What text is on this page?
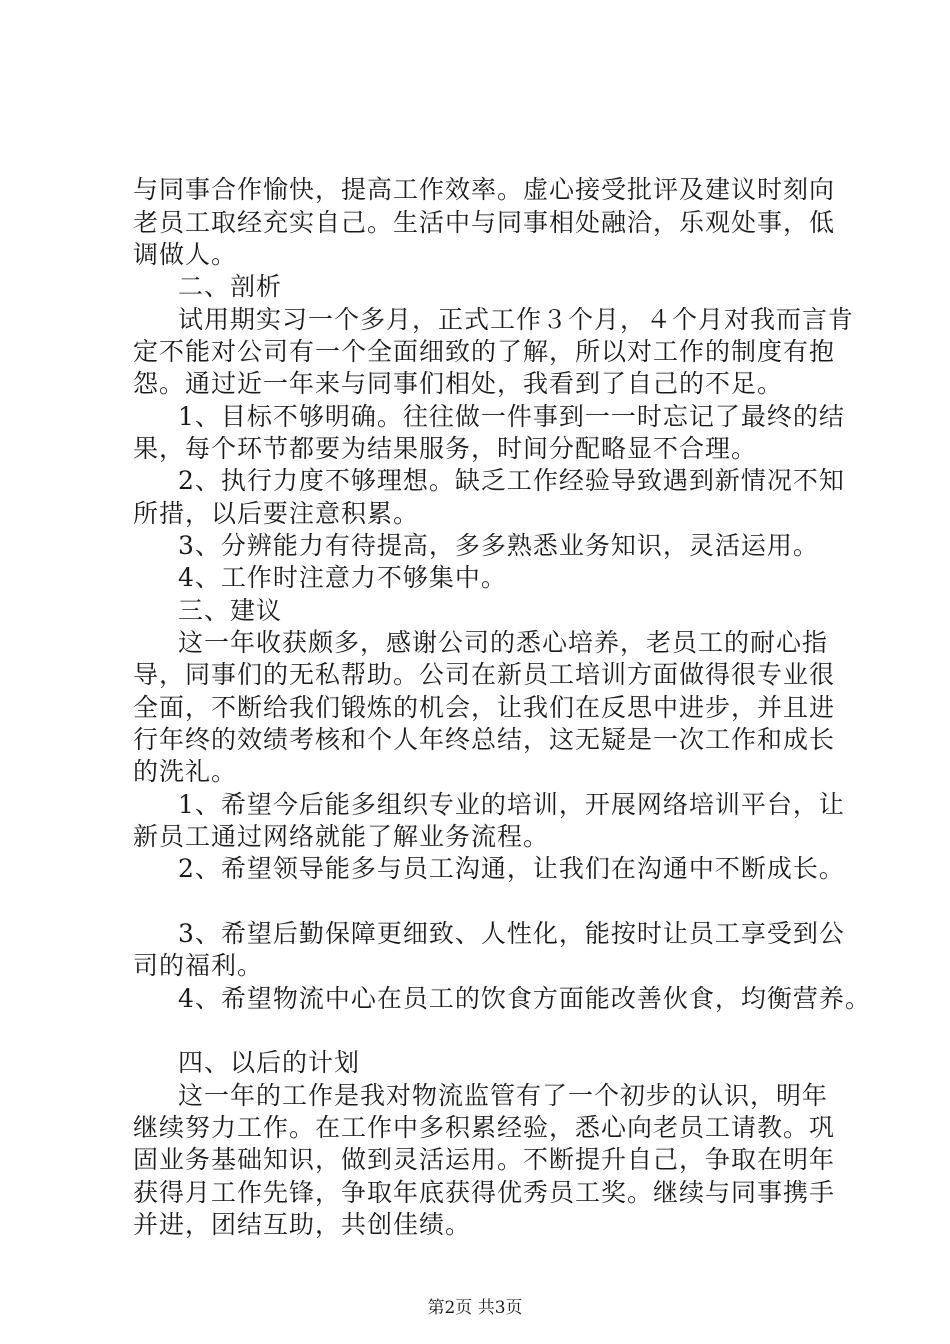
与同事合作愉快，提高工作效率。虚心接受批评及建议时刻向
老员工取经充实自己。生活中与同事相处融洽，乐观处事，低
调做人。
二、剖析
试用期实习一个多月，正式工作３个月，４个月对我而言肯
定不能对公司有一个全面细致的了解，所以对工作的制度有抱
怨。通过近一年来与同事们相处，我看到了自己的不足。
1、目标不够明确。往往做一件事到一一时忘记了最终的结
果，每个环节都要为结果服务，时间分配略显不合理。
2、执行力度不够理想。缺乏工作经验导致遇到新情况不知
所措，以后要注意积累。
3、分辨能力有待提高，多多熟悉业务知识，灵活运用。
4、工作时注意力不够集中。
三、建议
这一年收获颇多，感谢公司的悉心培养，老员工的耐心指
导，同事们的无私帮助。公司在新员工培训方面做得很专业很
全面，不断给我们锻炼的机会，让我们在反思中进步，并且进
行年终的效绩考核和个人年终总结，这无疑是一次工作和成长
的洗礼。
1、希望今后能多组织专业的培训，开展网络培训平台，让
新员工通过网络就能了解业务流程。
2、希望领导能多与员工沟通，让我们在沟通中不断成长。
3、希望后勤保障更细致、人性化，能按时让员工享受到公
司的福利。
4、希望物流中心在员工的饮食方面能改善伙食，均衡营养。
四、以后的计划
这一年的工作是我对物流监管有了一个初步的认识，明年
继续努力工作。在工作中多积累经验，悉心向老员工请教。巩
固业务基础知识，做到灵活运用。不断提升自己，争取在明年
获得月工作先锋，争取年底获得优秀员工奖。继续与同事携手
并进，团结互助，共创佳绩。
第2页 共3页
